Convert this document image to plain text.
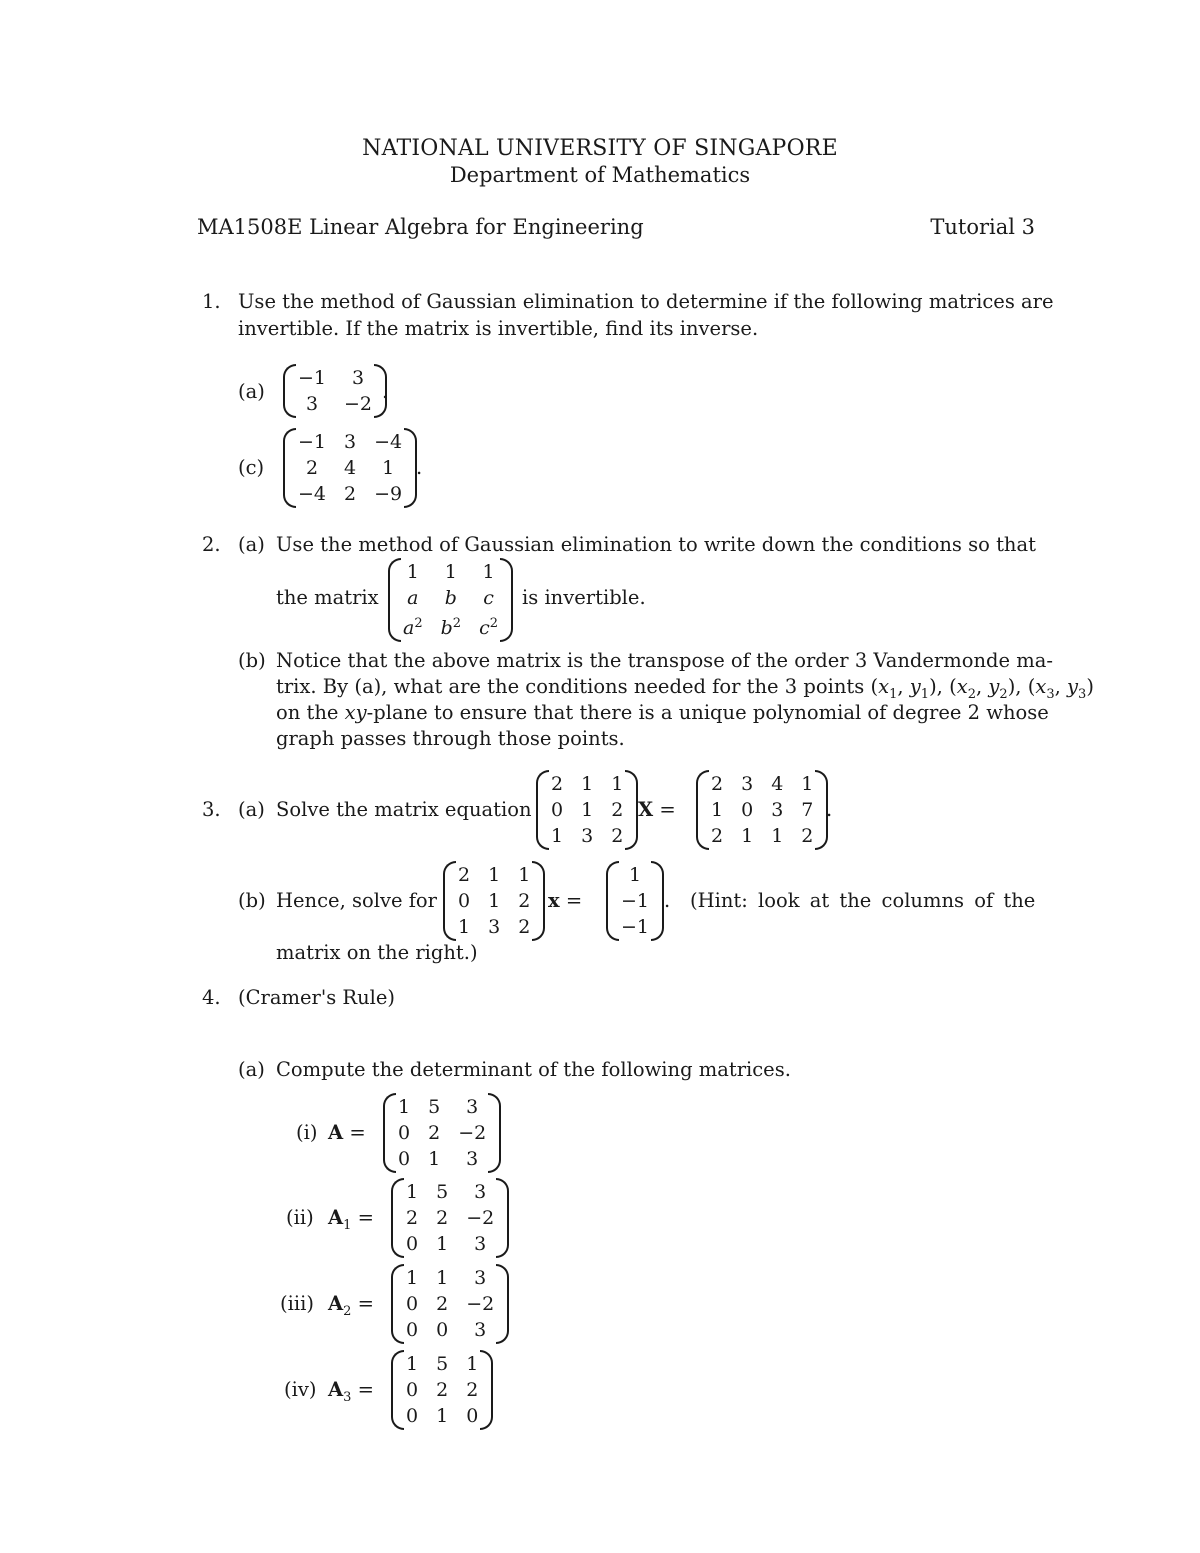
NATIONAL UNIVERSITY OF SINGAPORE
Department of Mathematics
MA1508E Linear Algebra for Engineering	Tutorial 3
1. Use the method of Gaussian elimination to determine if the following matrices are
invertible. If the matrix is invertible, find its inverse.
(a)
−1	3
3	−2
.
(c)
−1 3 −4
2	4	1
−4 2 −9
.
2. (a) Use the method of Gaussian elimination to write down the conditions so that
the matrix
1 1 1
a b c
$a^2$ $b^2$ $c^2$
is invertible.
(b) Notice that the above matrix is the transpose of the order 3 Vandermonde ma-
trix. By (a), what are the conditions needed for the 3 points ($x_1$, $y_1$), ($x_2$, $y_2$), ($x_3$, $y_3$)
on the xy-plane to ensure that there is a unique polynomial of degree 2 whose
graph passes through those points.
3. (a) Solve the matrix equation
2 1 1
0 1 2
1 3 2
X =
2 3 4 1
1 0 3 7
2 1 1 2
.
(b) Hence, solve for
2 1 1
0 1 2
1 3 2
x =
1
−1
−1
. (Hint: look at the columns of the
matrix on the right.)
4. (Cramer's Rule)
(a) Compute the determinant of the following matrices.
(i) A =
1 5	3
0 2 −2
0 1	3
(ii) $A_1$ =
1 5	3
2 2 −2
0 1	3
(iii) $A_2$ =
1 1	3
0 2 −2
0 0	3
(iv) $A_3$ =
1 5 1
0 2 2
0 1 0
